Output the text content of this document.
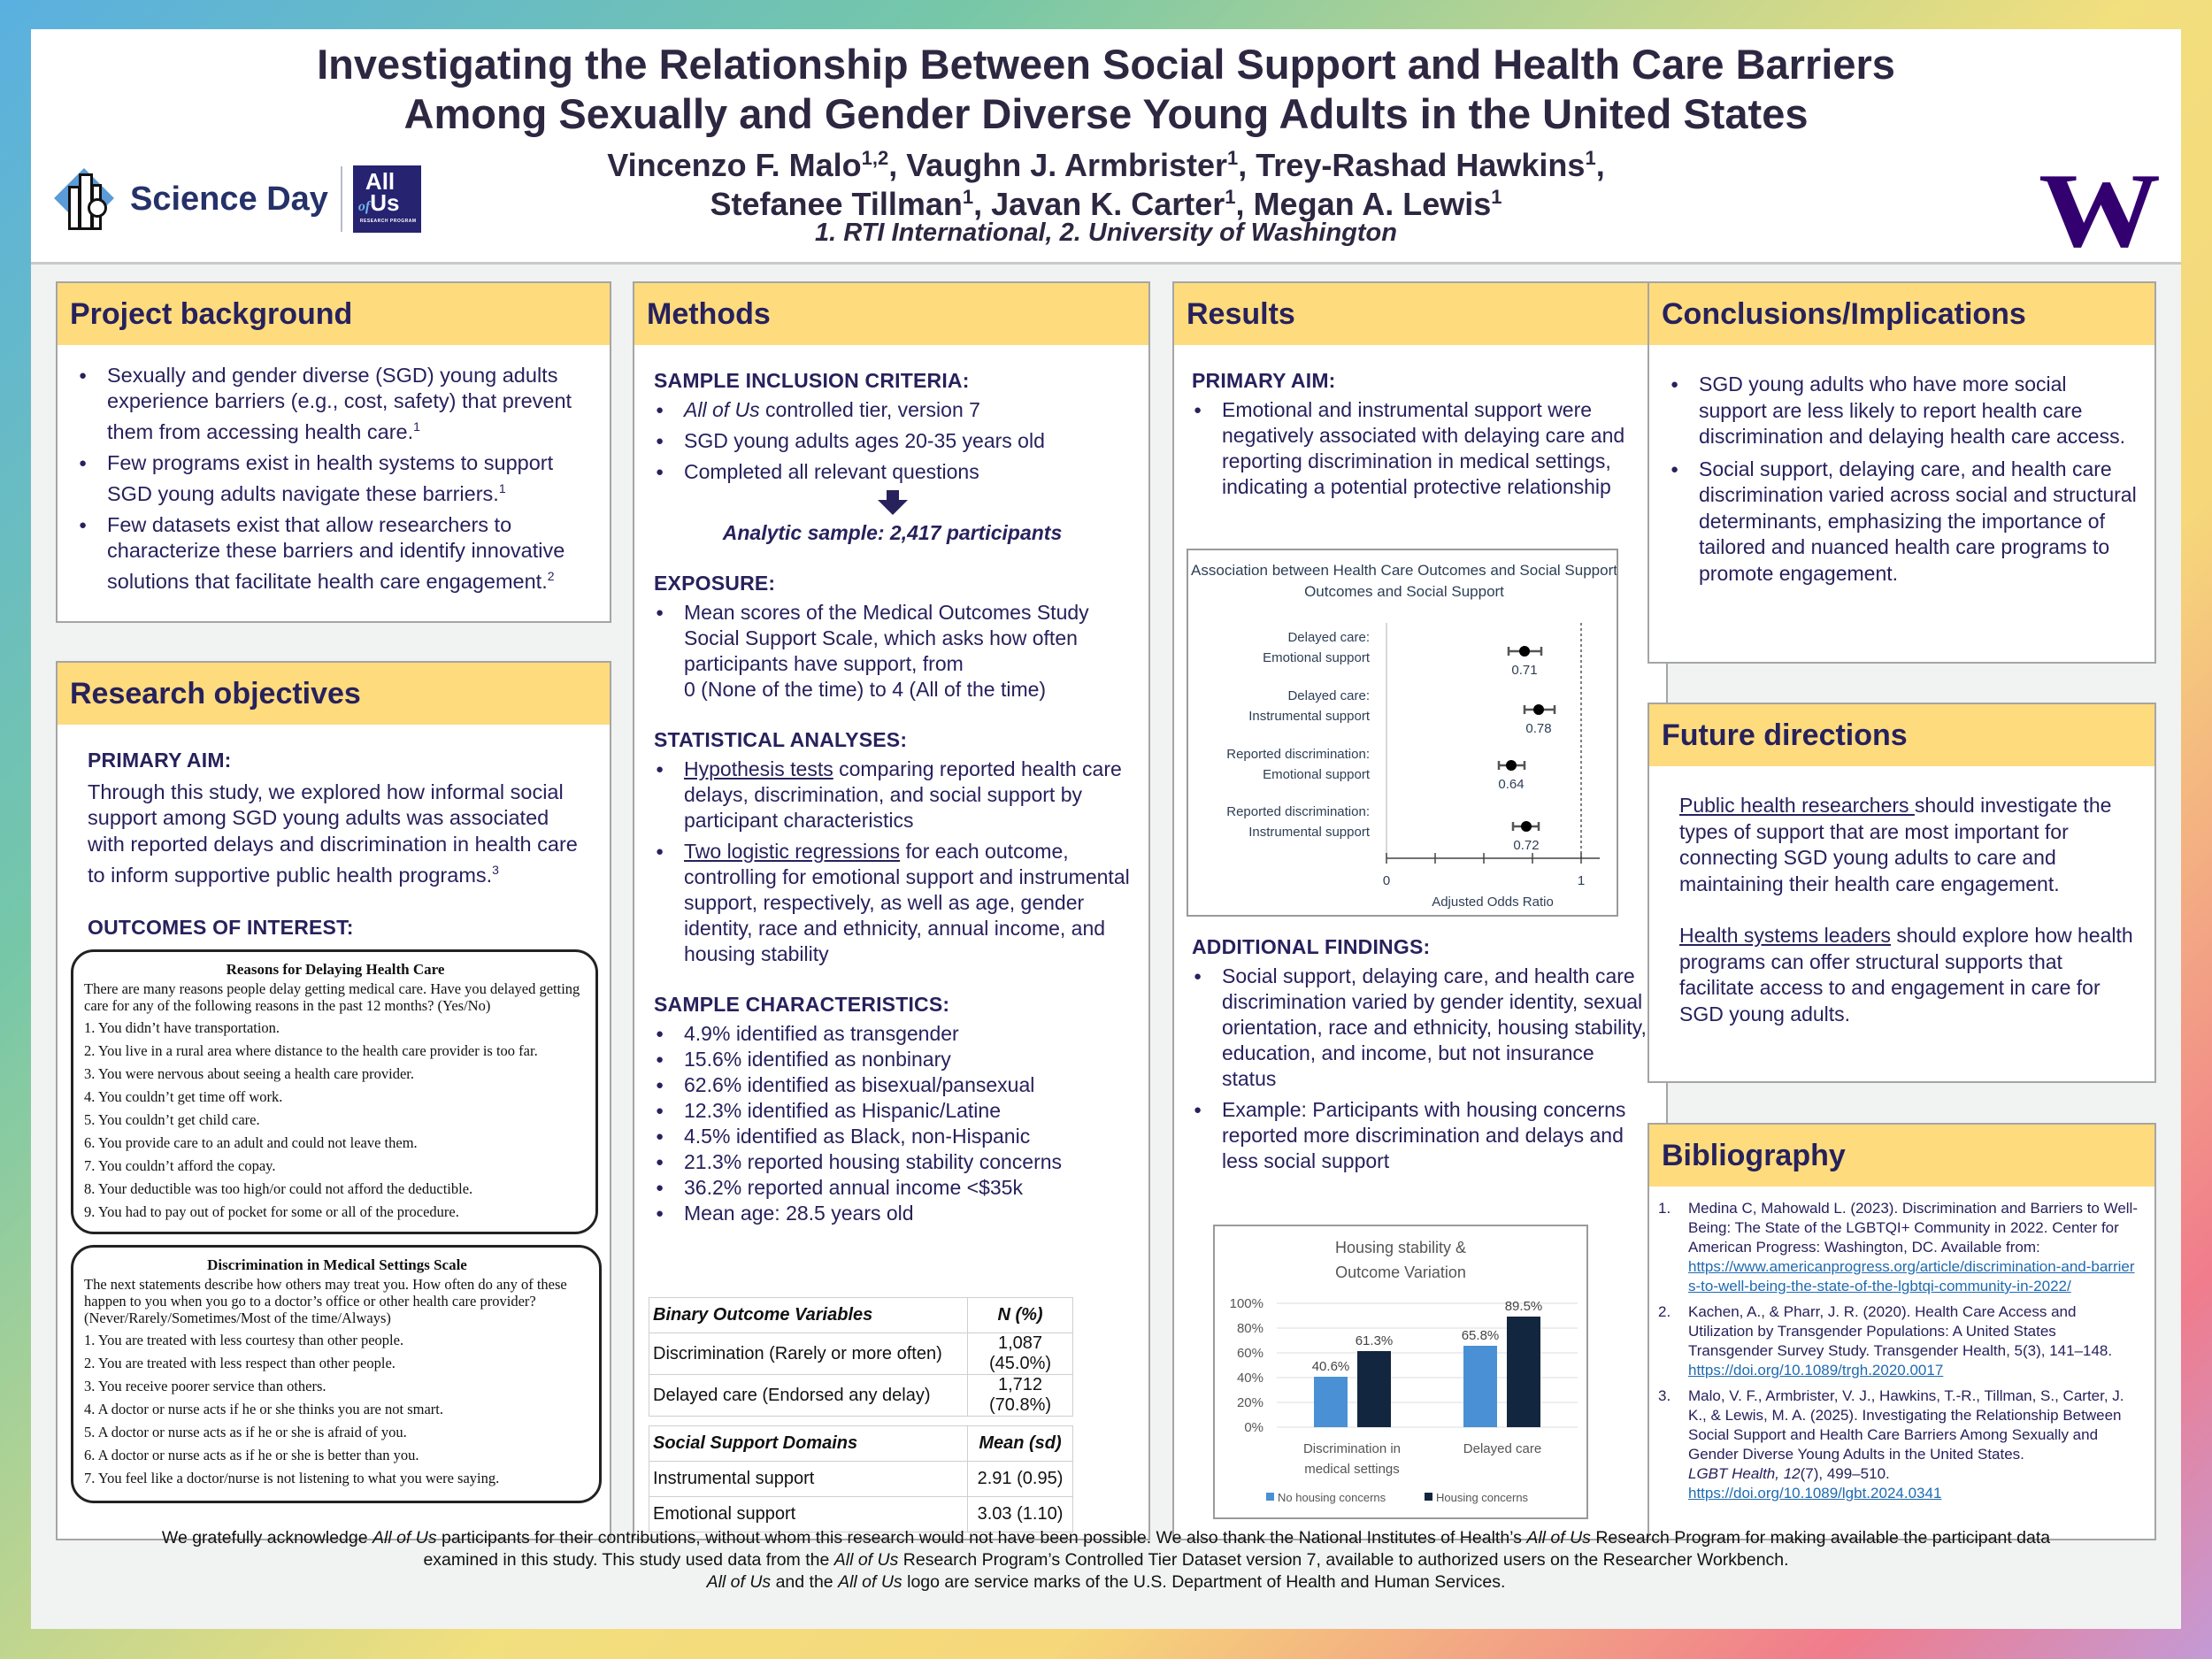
Investigating the Relationship Between Social Support and Health Care Barriers
Among Sexually and Gender Diverse Young Adults in the United States
Vincenzo F. Malo$^{1,2}$, Vaughn J. Armbrister$^1$, Trey-Rashad Hawkins$^1$,
Stefanee Tillman$^1$, Javan K. Carter$^1$, Megan A. Lewis$^1$
1. RTI International, 2. University of Washington
Science Day All
ofUs
RESEARCH PROGRAM	W
Project background
● Sexually and gender diverse (SGD) young adults experience barriers (e.g., cost, safety) that prevent them from accessing health care.$^1$
● Few programs exist in health systems to support SGD young adults navigate these barriers.$^1$
● Few datasets exist that allow researchers to characterize these barriers and identify innovative solutions that facilitate health care engagement.$^2$
Research objectives
PRIMARY AIM:
Through this study, we explored how informal social support among SGD young adults was associated with reported delays and discrimination in health care to inform supportive public health programs.$^3$
OUTCOMES OF INTEREST:
Reasons for Delaying Health Care
There are many reasons people delay getting medical care. Have you delayed getting care for any of the following reasons in the past 12 months? (Yes/No)
1. You didn’t have transportation.
2. You live in a rural area where distance to the health care provider is too far.
3. You were nervous about seeing a health care provider.
4. You couldn’t get time off work.
5. You couldn’t get child care.
6. You provide care to an adult and could not leave them.
7. You couldn’t afford the copay.
8. Your deductible was too high/or could not afford the deductible.
9. You had to pay out of pocket for some or all of the procedure.
Discrimination in Medical Settings Scale
The next statements describe how others may treat you. How often do any of these happen to you when you go to a doctor’s office or other health care provider? (Never/Rarely/Sometimes/Most of the time/Always)
1. You are treated with less courtesy than other people.
2. You are treated with less respect than other people.
3. You receive poorer service than others.
4. A doctor or nurse acts if he or she thinks you are not smart.
5. A doctor or nurse acts as if he or she is afraid of you.
6. A doctor or nurse acts as if he or she is better than you.
7. You feel like a doctor/nurse is not listening to what you were saying.
Methods
SAMPLE INCLUSION CRITERIA:
● All of Us controlled tier, version 7
● SGD young adults ages 20-35 years old
● Completed all relevant questions
Analytic sample: 2,417 participants
EXPOSURE:
● Mean scores of the Medical Outcomes Study Social Support Scale, which asks how often participants have support, from
0 (None of the time) to 4 (All of the time)
STATISTICAL ANALYSES:
● Hypothesis tests comparing reported health care delays, discrimination, and social support by participant characteristics
● Two logistic regressions for each outcome, controlling for emotional support and instrumental support, respectively, as well as age, gender identity, race and ethnicity, annual income, and housing stability
SAMPLE CHARACTERISTICS:
● 4.9% identified as transgender
● 15.6% identified as nonbinary
● 62.6% identified as bisexual/pansexual
● 12.3% identified as Hispanic/Latine
● 4.5% identified as Black, non-Hispanic
● 21.3% reported housing stability concerns
● 36.2% reported annual income <$35k
● Mean age: 28.5 years old
Binary Outcome Variables	N (%)
Discrimination (Rarely or more often)	1,087 (45.0%)
Delayed care (Endorsed any delay)	1,712 (70.8%)
Social Support Domains	Mean (sd)
Instrumental support	2.91 (0.95)
Emotional support	3.03 (1.10)
Results
PRIMARY AIM:
● Emotional and instrumental support were negatively associated with delaying care and reporting discrimination in medical settings, indicating a potential protective relationship
Association between Health Care Outcomes and Social Support
Outcomes and Social Support
0	1
Adjusted Odds Ratio
Delayed care:
Emotional support
Delayed care:
Instrumental support
Reported discrimination:
Emotional support
Reported discrimination:
Instrumental support
0.71
0.78
0.64
0.72
ADDITIONAL FINDINGS:
● Social support, delaying care, and health care discrimination varied by gender identity, sexual orientation, race and ethnicity, housing stability, education, and income, but not insurance status
● Example: Participants with housing concerns reported more discrimination and delays and less social support
Housing stability &
Outcome Variation
100%
80%
60%
40%
20%
0%
40.6%
61.3%	65.8%
89.5%
Discrimination in
medical settings
Delayed care
No housing concerns	Housing concerns
Conclusions/Implications
● SGD young adults who have more social support are less likely to report health care discrimination and delaying health care access.
● Social support, delaying care, and health care discrimination varied across social and structural determinants, emphasizing the importance of tailored and nuanced health care programs to promote engagement.
Future directions

Public health researchers should investigate the types of support that are most important for connecting SGD young adults to care and maintaining their health care engagement.

Health systems leaders should explore how health programs can offer structural supports that facilitate access to and engagement in care for SGD young adults.

Bibliography
1. Medina C, Mahowald L. (2023). Discrimination and Barriers to Well-Being: The State of the LGBTQI+ Community in 2022. Center for American Progress: Washington, DC. Available from:
https://www.americanprogress.org/article/discrimination-and-barriers-to-well-being-the-state-of-the-lgbtqi-community-in-2022/
2. Kachen, A., & Pharr, J. R. (2020). Health Care Access and Utilization by Transgender Populations: A United States Transgender Survey Study. Transgender Health, 5(3), 141–148.
https://doi.org/10.1089/trgh.2020.0017
3. Malo, V. F., Armbrister, V. J., Hawkins, T.-R., Tillman, S., Carter, J. K., & Lewis, M. A. (2025). Investigating the Relationship Between Social Support and Health Care Barriers Among Sexually and Gender Diverse Young Adults in the United States.
LGBT Health, 12(7), 499–510.
https://doi.org/10.1089/lgbt.2024.0341
We gratefully acknowledge All of Us participants for their contributions, without whom this research would not have been possible. We also thank the National Institutes of Health’s All of Us Research Program for making available the participant data
examined in this study. This study used data from the All of Us Research Program’s Controlled Tier Dataset version 7, available to authorized users on the Researcher Workbench.
All of Us and the All of Us logo are service marks of the U.S. Department of Health and Human Services.
